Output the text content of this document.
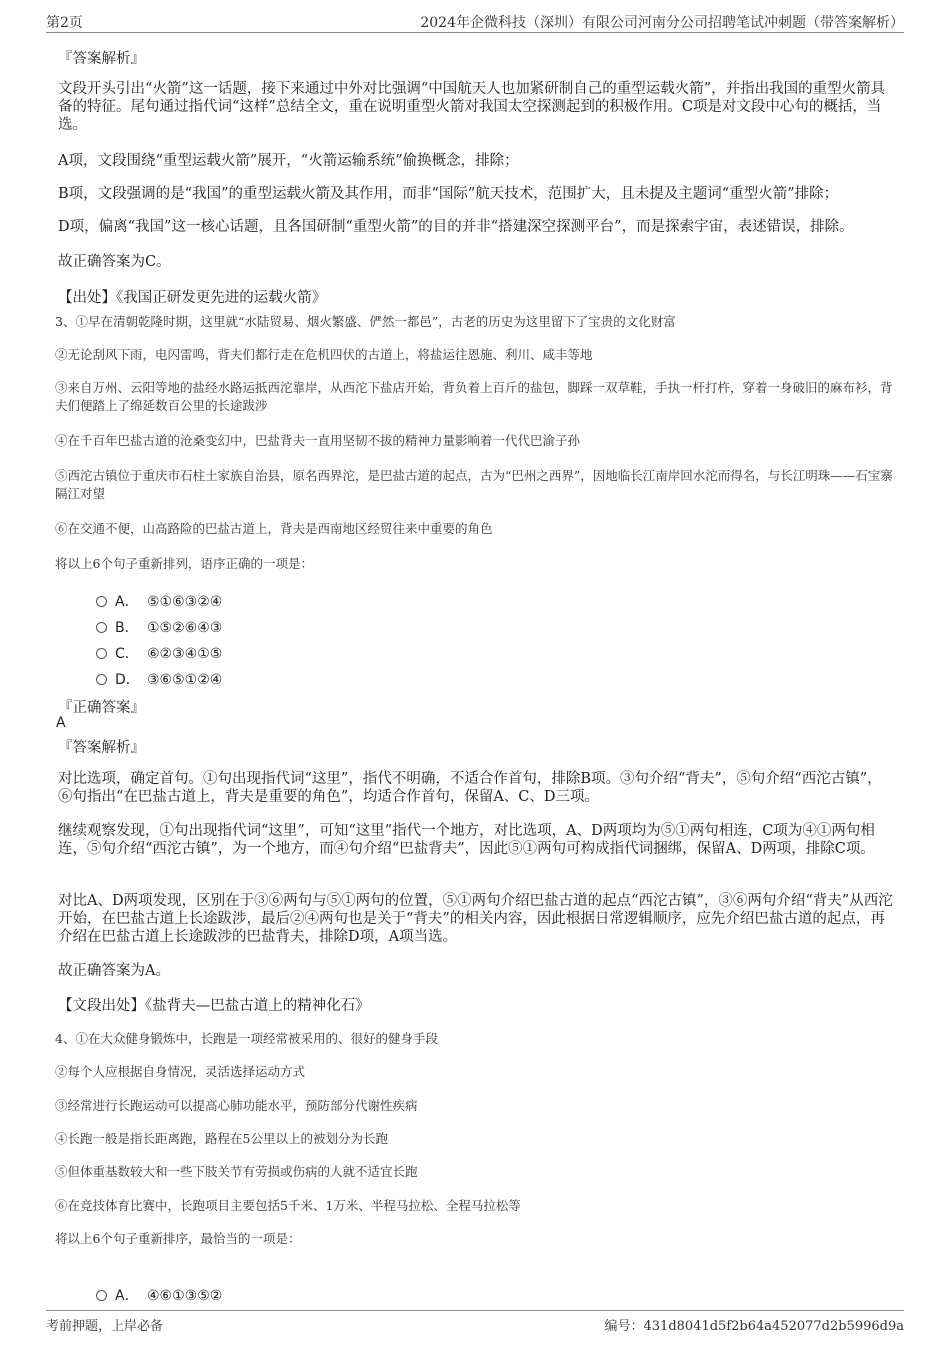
第2页	2024年企微科技（深圳）有限公司河南分公司招聘笔试冲刺题（带答案解析）
『答案解析』
文段开头引出“火箭”这一话题，接下来通过中外对比强调“中国航天人也加紧研制自己的重型运载火箭”，并指出我国的重型火箭具备的特征。尾句通过指代词“这样”总结全文，重在说明重型火箭对我国太空探测起到的积极作用。C项是对文段中心句的概括，当选。
A项，文段围绕“重型运载火箭”展开，“火箭运输系统”偷换概念，排除；
B项，文段强调的是“我国”的重型运载火箭及其作用，而非“国际”航天技术，范围扩大，且未提及主题词“重型火箭”排除；
D项，偏离“我国”这一核心话题，且各国研制“重型火箭”的目的并非“搭建深空探测平台”，而是探索宇宙，表述错误，排除。
故正确答案为C。
【出处】《我国正研发更先进的运载火箭》
3、①早在清朝乾隆时期，这里就“水陆贸易、烟火繁盛、俨然一都邑”，古老的历史为这里留下了宝贵的文化财富
②无论刮风下雨，电闪雷鸣，背夫们都行走在危机四伏的古道上，将盐运往恩施、利川、咸丰等地
③来自万州、云阳等地的盐经水路运抵西沱靠岸，从西沱下盐店开始，背负着上百斤的盐包，脚踩一双草鞋，手执一杆打杵，穿着一身破旧的麻布衫，背夫们便踏上了绵延数百公里的长途跋涉
④在千百年巴盐古道的沧桑变幻中，巴盐背夫一直用坚韧不拔的精神力量影响着一代代巴渝子孙
⑤西沱古镇位于重庆市石柱土家族自治县，原名西界沱，是巴盐古道的起点，古为“巴州之西界”，因地临长江南岸回水沱而得名，与长江明珠——石宝寨隔江对望
⑥在交通不便，山高路险的巴盐古道上，背夫是西南地区经贸往来中重要的角色
将以上6个句子重新排列，语序正确的一项是：
A． ⑤①⑥③②④
B． ①⑤②⑥④③
C． ⑥②③④①⑤
D． ③⑥⑤①②④
『正确答案』
A
『答案解析』
对比选项，确定首句。①句出现指代词“这里”，指代不明确，不适合作首句，排除B项。③句介绍“背夫”，⑤句介绍“西沱古镇”，⑥句指出“在巴盐古道上，背夫是重要的角色”，均适合作首句，保留A、C、D三项。
继续观察发现，①句出现指代词“这里”，可知“这里”指代一个地方，对比选项，A、D两项均为⑤①两句相连，C项为④①两句相连，⑤句介绍“西沱古镇”，为一个地方，而④句介绍“巴盐背夫”，因此⑤①两句可构成指代词捆绑，保留A、D两项，排除C项。
对比A、D两项发现，区别在于③⑥两句与⑤①两句的位置，⑤①两句介绍巴盐古道的起点“西沱古镇”，③⑥两句介绍“背夫”从西沱开始，在巴盐古道上长途跋涉，最后②④两句也是关于“背夫”的相关内容，因此根据日常逻辑顺序，应先介绍巴盐古道的起点，再介绍在巴盐古道上长途跋涉的巴盐背夫，排除D项，A项当选。
故正确答案为A。
【文段出处】《盐背夫—巴盐古道上的精神化石》
4、①在大众健身锻炼中，长跑是一项经常被采用的、很好的健身手段
②每个人应根据自身情况，灵活选择运动方式
③经常进行长跑运动可以提高心肺功能水平，预防部分代谢性疾病
④长跑一般是指长距离跑，路程在5公里以上的被划分为长跑
⑤但体重基数较大和一些下肢关节有劳损或伤病的人就不适宜长跑
⑥在竞技体育比赛中，长跑项目主要包括5千米、1万米、半程马拉松、全程马拉松等
将以上6个句子重新排序，最恰当的一项是：
A． ④⑥①③⑤②
考前押题，上岸必备	编号：431d8041d5f2b64a452077d2b5996d9a
